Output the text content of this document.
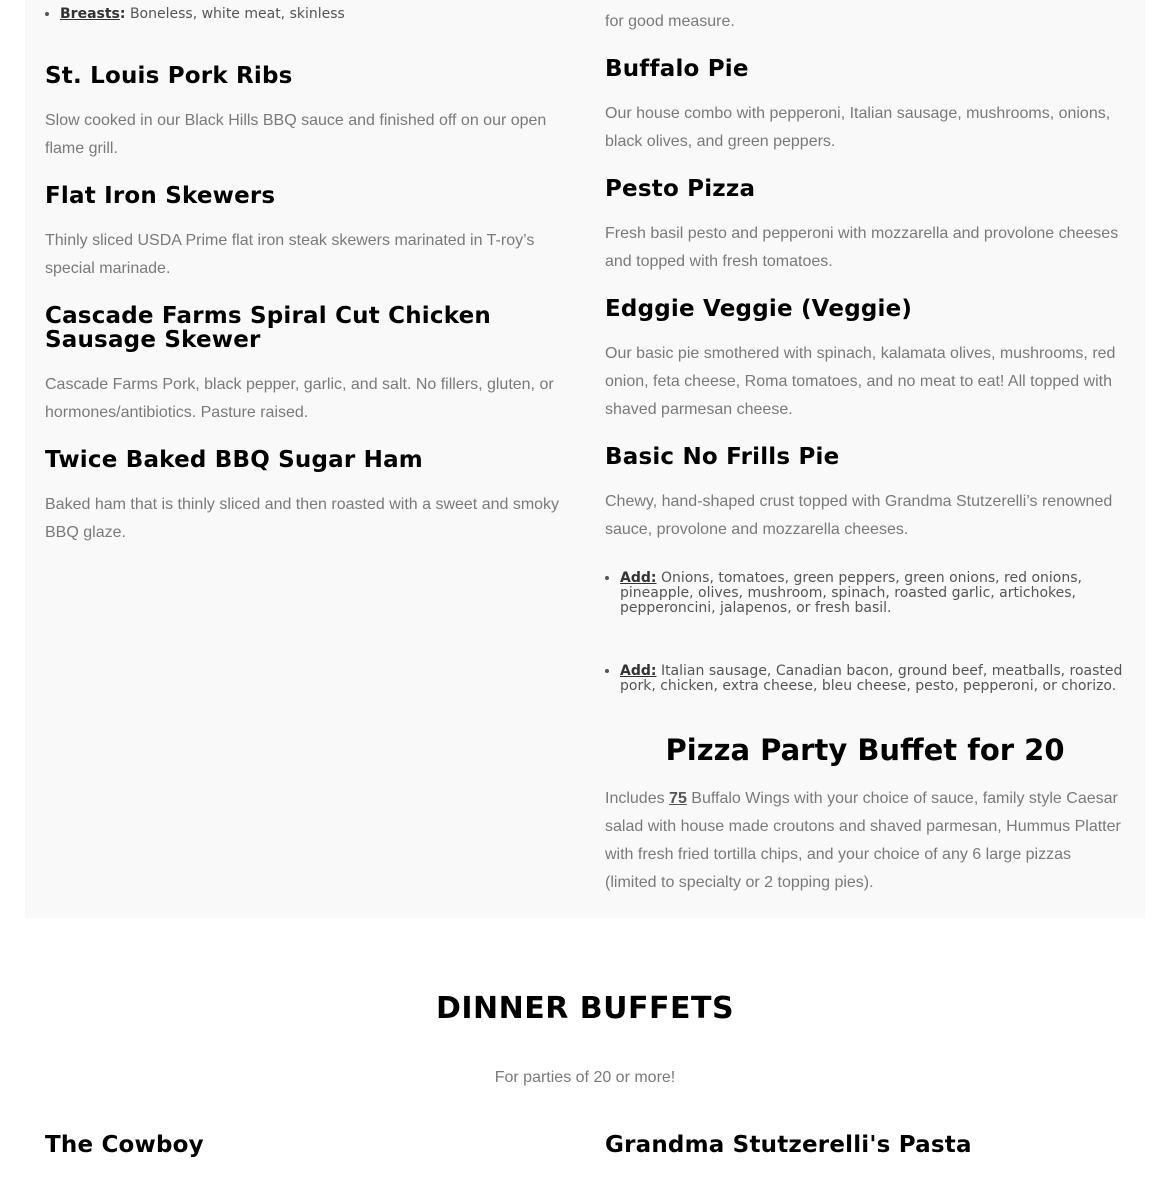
• Breasts: Boneless, white meat, skinless
St. Louis Pork Ribs

Slow cooked in our Black Hills BBQ sauce and finished off on our open flame grill.

Flat Iron Skewers

Thinly sliced USDA Prime flat iron steak skewers marinated in T-roy’s special marinade.

Cascade Farms Spiral Cut Chicken Sausage Skewer

Cascade Farms Pork, black pepper, garlic, and salt. No fillers, gluten, or hormones/antibiotics. Pasture raised.

Twice Baked BBQ Sugar Ham

Baked ham that is thinly sliced and then roasted with a sweet and smoky BBQ glaze.

for good measure.

Buffalo Pie

Our house combo with pepperoni, Italian sausage, mushrooms, onions, black olives, and green peppers.

Pesto Pizza

Fresh basil pesto and pepperoni with mozzarella and provolone cheeses and topped with fresh tomatoes.

Edggie Veggie (Veggie)

Our basic pie smothered with spinach, kalamata olives, mushrooms, red onion, feta cheese, Roma tomatoes, and no meat to eat! All topped with shaved parmesan cheese.

Basic No Frills Pie

Chewy, hand-shaped crust topped with Grandma Stutzerelli’s renowned sauce, provolone and mozzarella cheeses.

• Add: Onions, tomatoes, green peppers, green onions, red onions, pineapple, olives, mushroom, spinach, roasted garlic, artichokes, pepperoncini, jalapenos, or fresh basil.
• Add: Italian sausage, Canadian bacon, ground beef, meatballs, roasted pork, chicken, extra cheese, bleu cheese, pesto, pepperoni, or chorizo.
Pizza Party Buffet for 20

Includes 75 Buffalo Wings with your choice of sauce, family style Caesar salad with house made croutons and shaved parmesan, Hummus Platter with fresh fried tortilla chips, and your choice of any 6 large pizzas (limited to specialty or 2 topping pies).

DINNER BUFFETS
For parties of 20 or more!
The Cowboy	Grandma Stutzerelli's Pasta
